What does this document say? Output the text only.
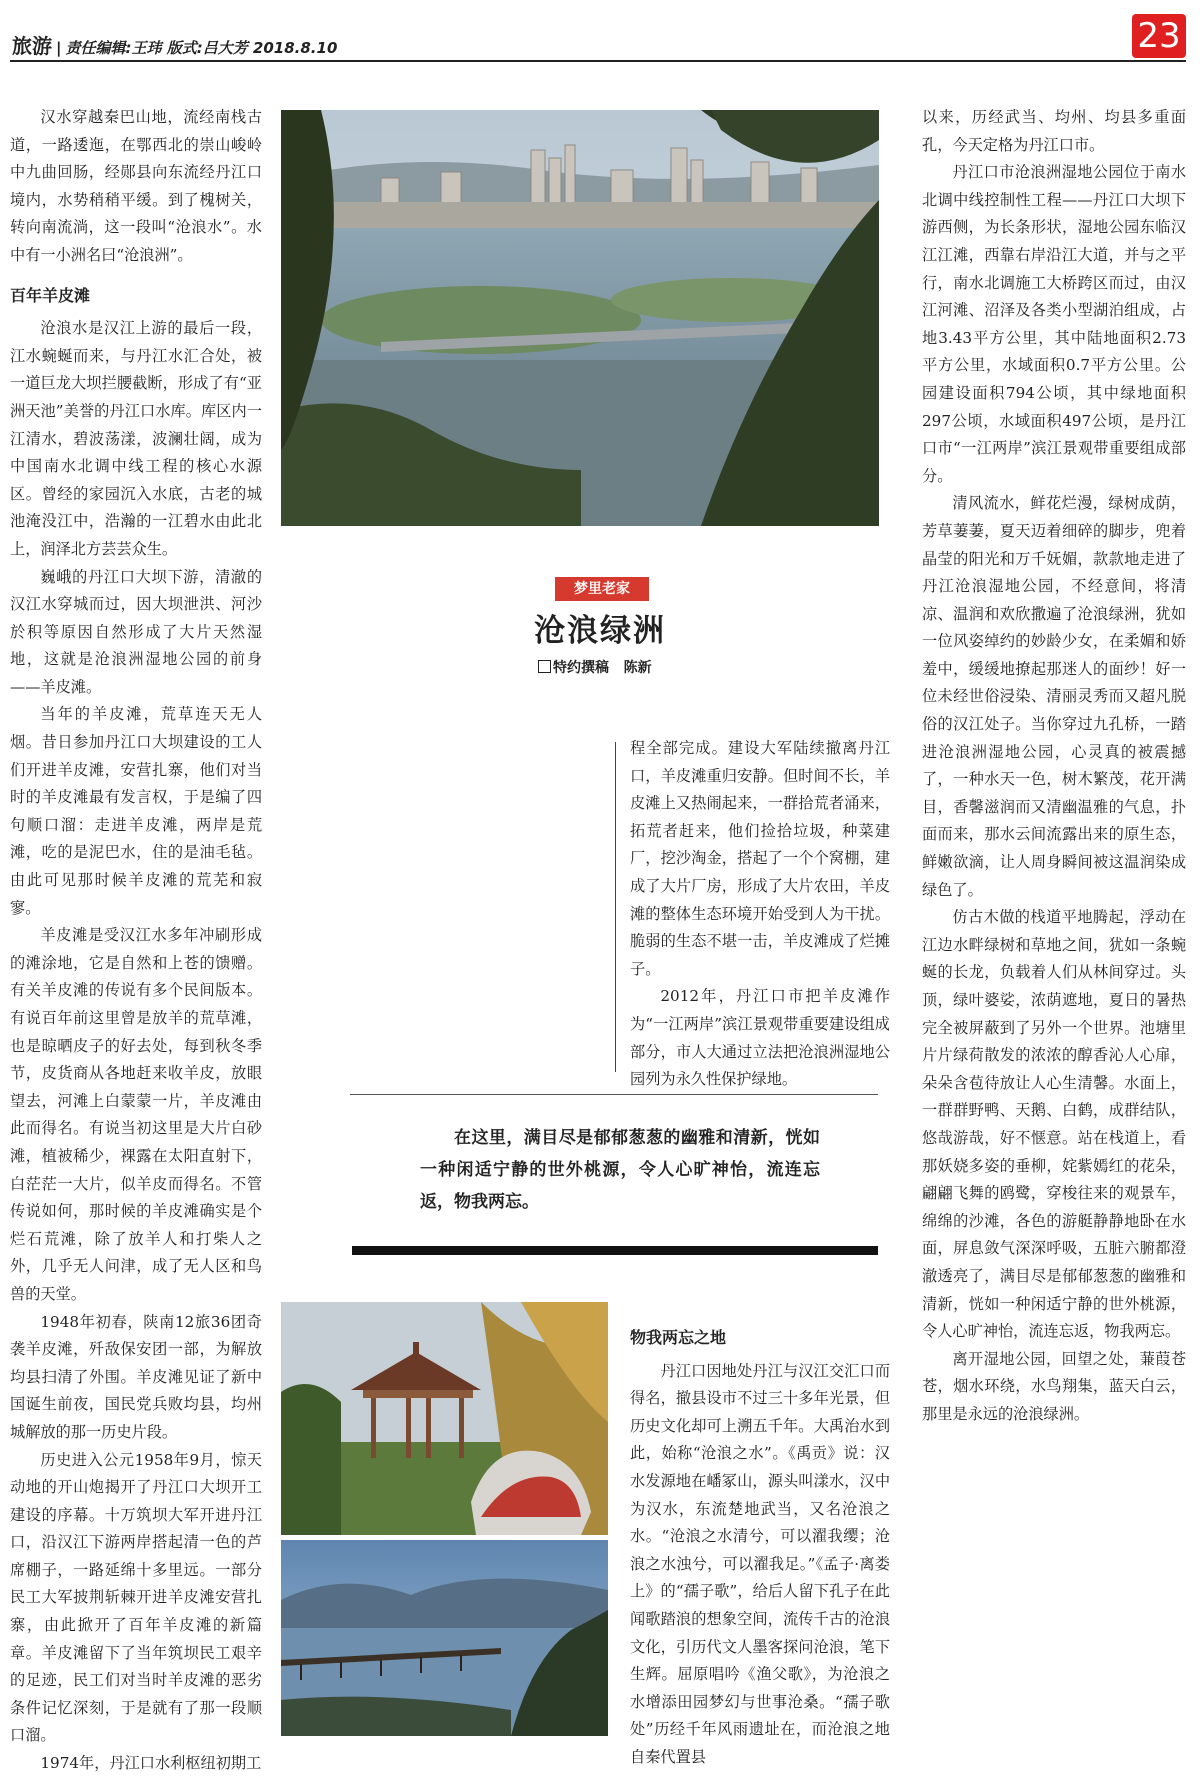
旅游 | 责任编辑:王玮 版式:吕大芳 2018.8.10	23

汉水穿越秦巴山地，流经南栈古道，一路逶迤，在鄂西北的崇山峻岭中九曲回肠，经郧县向东流经丹江口境内，水势稍稍平缓。到了槐树关，转向南流淌，这一段叫“沧浪水”。水中有一小洲名曰“沧浪洲”。

百年羊皮滩

沧浪水是汉江上游的最后一段，江水蜿蜒而来，与丹江水汇合处，被一道巨龙大坝拦腰截断，形成了有“亚洲天池”美誉的丹江口水库。库区内一江清水，碧波荡漾，波澜壮阔，成为中国南水北调中线工程的核心水源区。曾经的家园沉入水底，古老的城池淹没江中，浩瀚的一江碧水由此北上，润泽北方芸芸众生。

巍峨的丹江口大坝下游，清澈的汉江水穿城而过，因大坝泄洪、河沙於积等原因自然形成了大片天然湿地，这就是沧浪洲湿地公园的前身——羊皮滩。

当年的羊皮滩，荒草连天无人烟。昔日参加丹江口大坝建设的工人们开进羊皮滩，安营扎寨，他们对当时的羊皮滩最有发言权，于是编了四句顺口溜：走进羊皮滩，两岸是荒滩，吃的是泥巴水，住的是油毛毡。由此可见那时候羊皮滩的荒芜和寂寥。

羊皮滩是受汉江水多年冲刷形成的滩涂地，它是自然和上苍的馈赠。有关羊皮滩的传说有多个民间版本。有说百年前这里曾是放羊的荒草滩，也是晾晒皮子的好去处，每到秋冬季节，皮货商从各地赶来收羊皮，放眼望去，河滩上白蒙蒙一片，羊皮滩由此而得名。有说当初这里是大片白砂滩，植被稀少，裸露在太阳直射下，白茫茫一大片，似羊皮而得名。不管传说如何，那时候的羊皮滩确实是个烂石荒滩，除了放羊人和打柴人之外，几乎无人问津，成了无人区和鸟兽的天堂。

1948年初春，陕南12旅36团奇袭羊皮滩，歼敌保安团一部，为解放均县扫清了外围。羊皮滩见证了新中国诞生前夜，国民党兵败均县，均州城解放的那一历史片段。

历史进入公元1958年9月，惊天动地的开山炮揭开了丹江口大坝开工建设的序幕。十万筑坝大军开进丹江口，沿汉江下游两岸搭起清一色的芦席棚子，一路延绵十多里远。一部分民工大军披荆斩棘开进羊皮滩安营扎寨，由此掀开了百年羊皮滩的新篇章。羊皮滩留下了当年筑坝民工艰辛的足迹，民工们对当时羊皮滩的恶劣条件记忆深刻，于是就有了那一段顺口溜。

1974年，丹江口水利枢纽初期工

梦里老家
沧浪绿洲
特约撰稿 陈新

程全部完成。建设大军陆续撤离丹江口，羊皮滩重归安静。但时间不长，羊皮滩上又热闹起来，一群拾荒者涌来，拓荒者赶来，他们捡拾垃圾，种菜建厂，挖沙淘金，搭起了一个个窝棚，建成了大片厂房，形成了大片农田，羊皮滩的整体生态环境开始受到人为干扰。脆弱的生态不堪一击，羊皮滩成了烂摊子。

2012年，丹江口市把羊皮滩作为“一江两岸”滨江景观带重要建设组成部分，市人大通过立法把沧浪洲湿地公园列为永久性保护绿地。

在这里，满目尽是郁郁葱葱的幽雅和清新，恍如一种闲适宁静的世外桃源，令人心旷神怡，流连忘返，物我两忘。

物我两忘之地

丹江口因地处丹江与汉江交汇口而得名，撤县设市不过三十多年光景，但历史文化却可上溯五千年。大禹治水到此，始称“沧浪之水”。《禹贡》说：汉水发源地在嶓冢山，源头叫漾水，汉中为汉水，东流楚地武当，又名沧浪之水。“沧浪之水清兮，可以濯我缨；沧浪之水浊兮，可以濯我足。”《孟子·离娄上》的“孺子歌”，给后人留下孔子在此闻歌踏浪的想象空间，流传千古的沧浪文化，引历代文人墨客探问沧浪，笔下生辉。屈原唱吟《渔父歌》，为沧浪之水增添田园梦幻与世事沧桑。“孺子歌处”历经千年风雨遗址在，而沧浪之地自秦代置县

以来，历经武当、均州、均县多重面孔，今天定格为丹江口市。

丹江口市沧浪洲湿地公园位于南水北调中线控制性工程——丹江口大坝下游西侧，为长条形状，湿地公园东临汉江江滩，西靠右岸沿江大道，并与之平行，南水北调施工大桥跨区而过，由汉江河滩、沼泽及各类小型湖泊组成，占地3.43平方公里，其中陆地面积2.73平方公里，水域面积0.7平方公里。公园建设面积794公顷，其中绿地面积297公顷，水域面积497公顷，是丹江口市“一江两岸”滨江景观带重要组成部分。

清风流水，鲜花烂漫，绿树成荫，芳草萋萋，夏天迈着细碎的脚步，兜着晶莹的阳光和万千妩媚，款款地走进了丹江沧浪湿地公园，不经意间，将清凉、温润和欢欣撒遍了沧浪绿洲，犹如一位风姿绰约的妙龄少女，在柔媚和娇羞中，缓缓地撩起那迷人的面纱！好一位未经世俗浸染、清丽灵秀而又超凡脱俗的汉江处子。当你穿过九孔桥，一踏进沧浪洲湿地公园，心灵真的被震撼了，一种水天一色，树木繁茂，花开满目，香馨滋润而又清幽温雅的气息，扑面而来，那水云间流露出来的原生态，鲜嫩欲滴，让人周身瞬间被这温润染成绿色了。

仿古木做的栈道平地腾起，浮动在江边水畔绿树和草地之间，犹如一条蜿蜒的长龙，负载着人们从林间穿过。头顶，绿叶婆娑，浓荫遮地，夏日的暑热完全被屏蔽到了另外一个世界。池塘里片片绿荷散发的浓浓的醇香沁人心扉，朵朵含苞待放让人心生清馨。水面上，一群群野鸭、天鹅、白鹤，成群结队，悠哉游哉，好不惬意。站在栈道上，看那妖娆多姿的垂柳，姹紫嫣红的花朵，翩翩飞舞的鸥鹭，穿梭往来的观景车，绵绵的沙滩，各色的游艇静静地卧在水面，屏息敛气深深呼吸，五脏六腑都澄澈透亮了，满目尽是郁郁葱葱的幽雅和清新，恍如一种闲适宁静的世外桃源，令人心旷神怡，流连忘返，物我两忘。

离开湿地公园，回望之处，蒹葭苍苍，烟水环绕，水鸟翔集，蓝天白云，那里是永远的沧浪绿洲。
